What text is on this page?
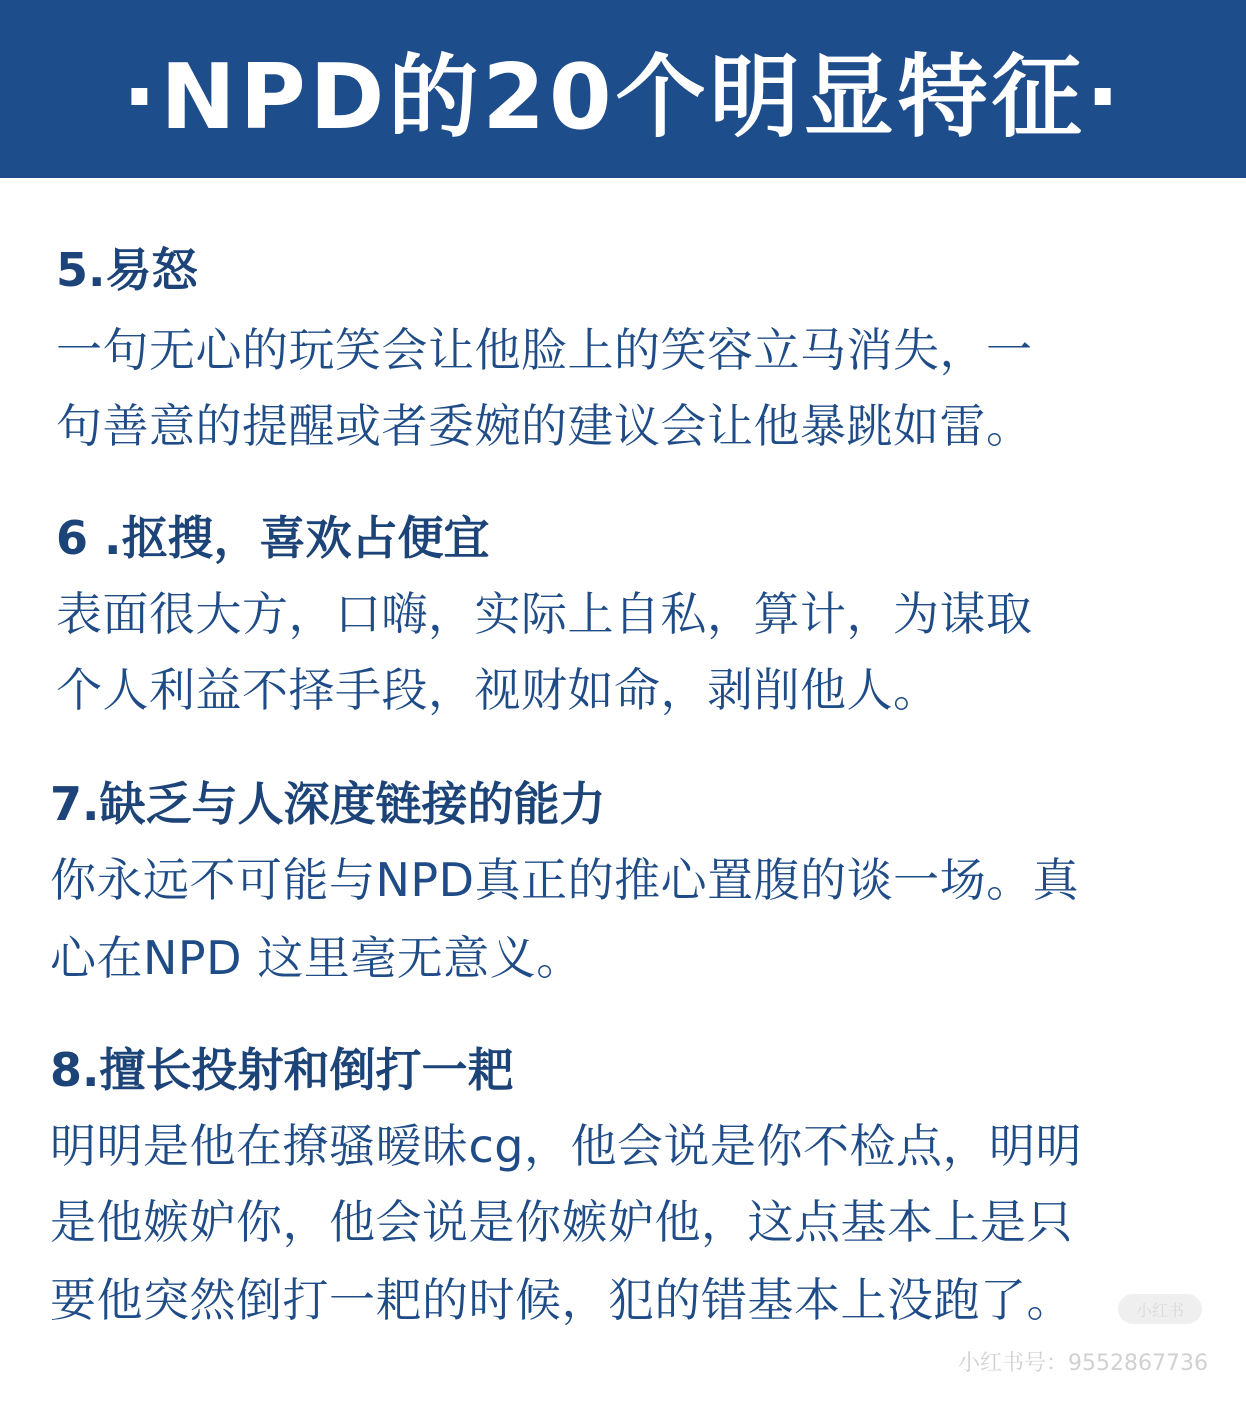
·NPD的20个明显特征·
5.易怒
一句无心的玩笑会让他脸上的笑容立马消失，一
句善意的提醒或者委婉的建议会让他暴跳如雷。
6 .抠搜，喜欢占便宜
表面很大方，口嗨，实际上自私，算计，为谋取
个人利益不择手段，视财如命，剥削他人。
7.缺乏与人深度链接的能力
你永远不可能与NPD真正的推心置腹的谈一场。真
心在NPD 这里毫无意义。
8.擅长投射和倒打一耙
明明是他在撩骚暧昧cg，他会说是你不检点，明明
是他嫉妒你，他会说是你嫉妒他，这点基本上是只
要他突然倒打一耙的时候，犯的错基本上没跑了。	小红书
小红书号：9552867736
